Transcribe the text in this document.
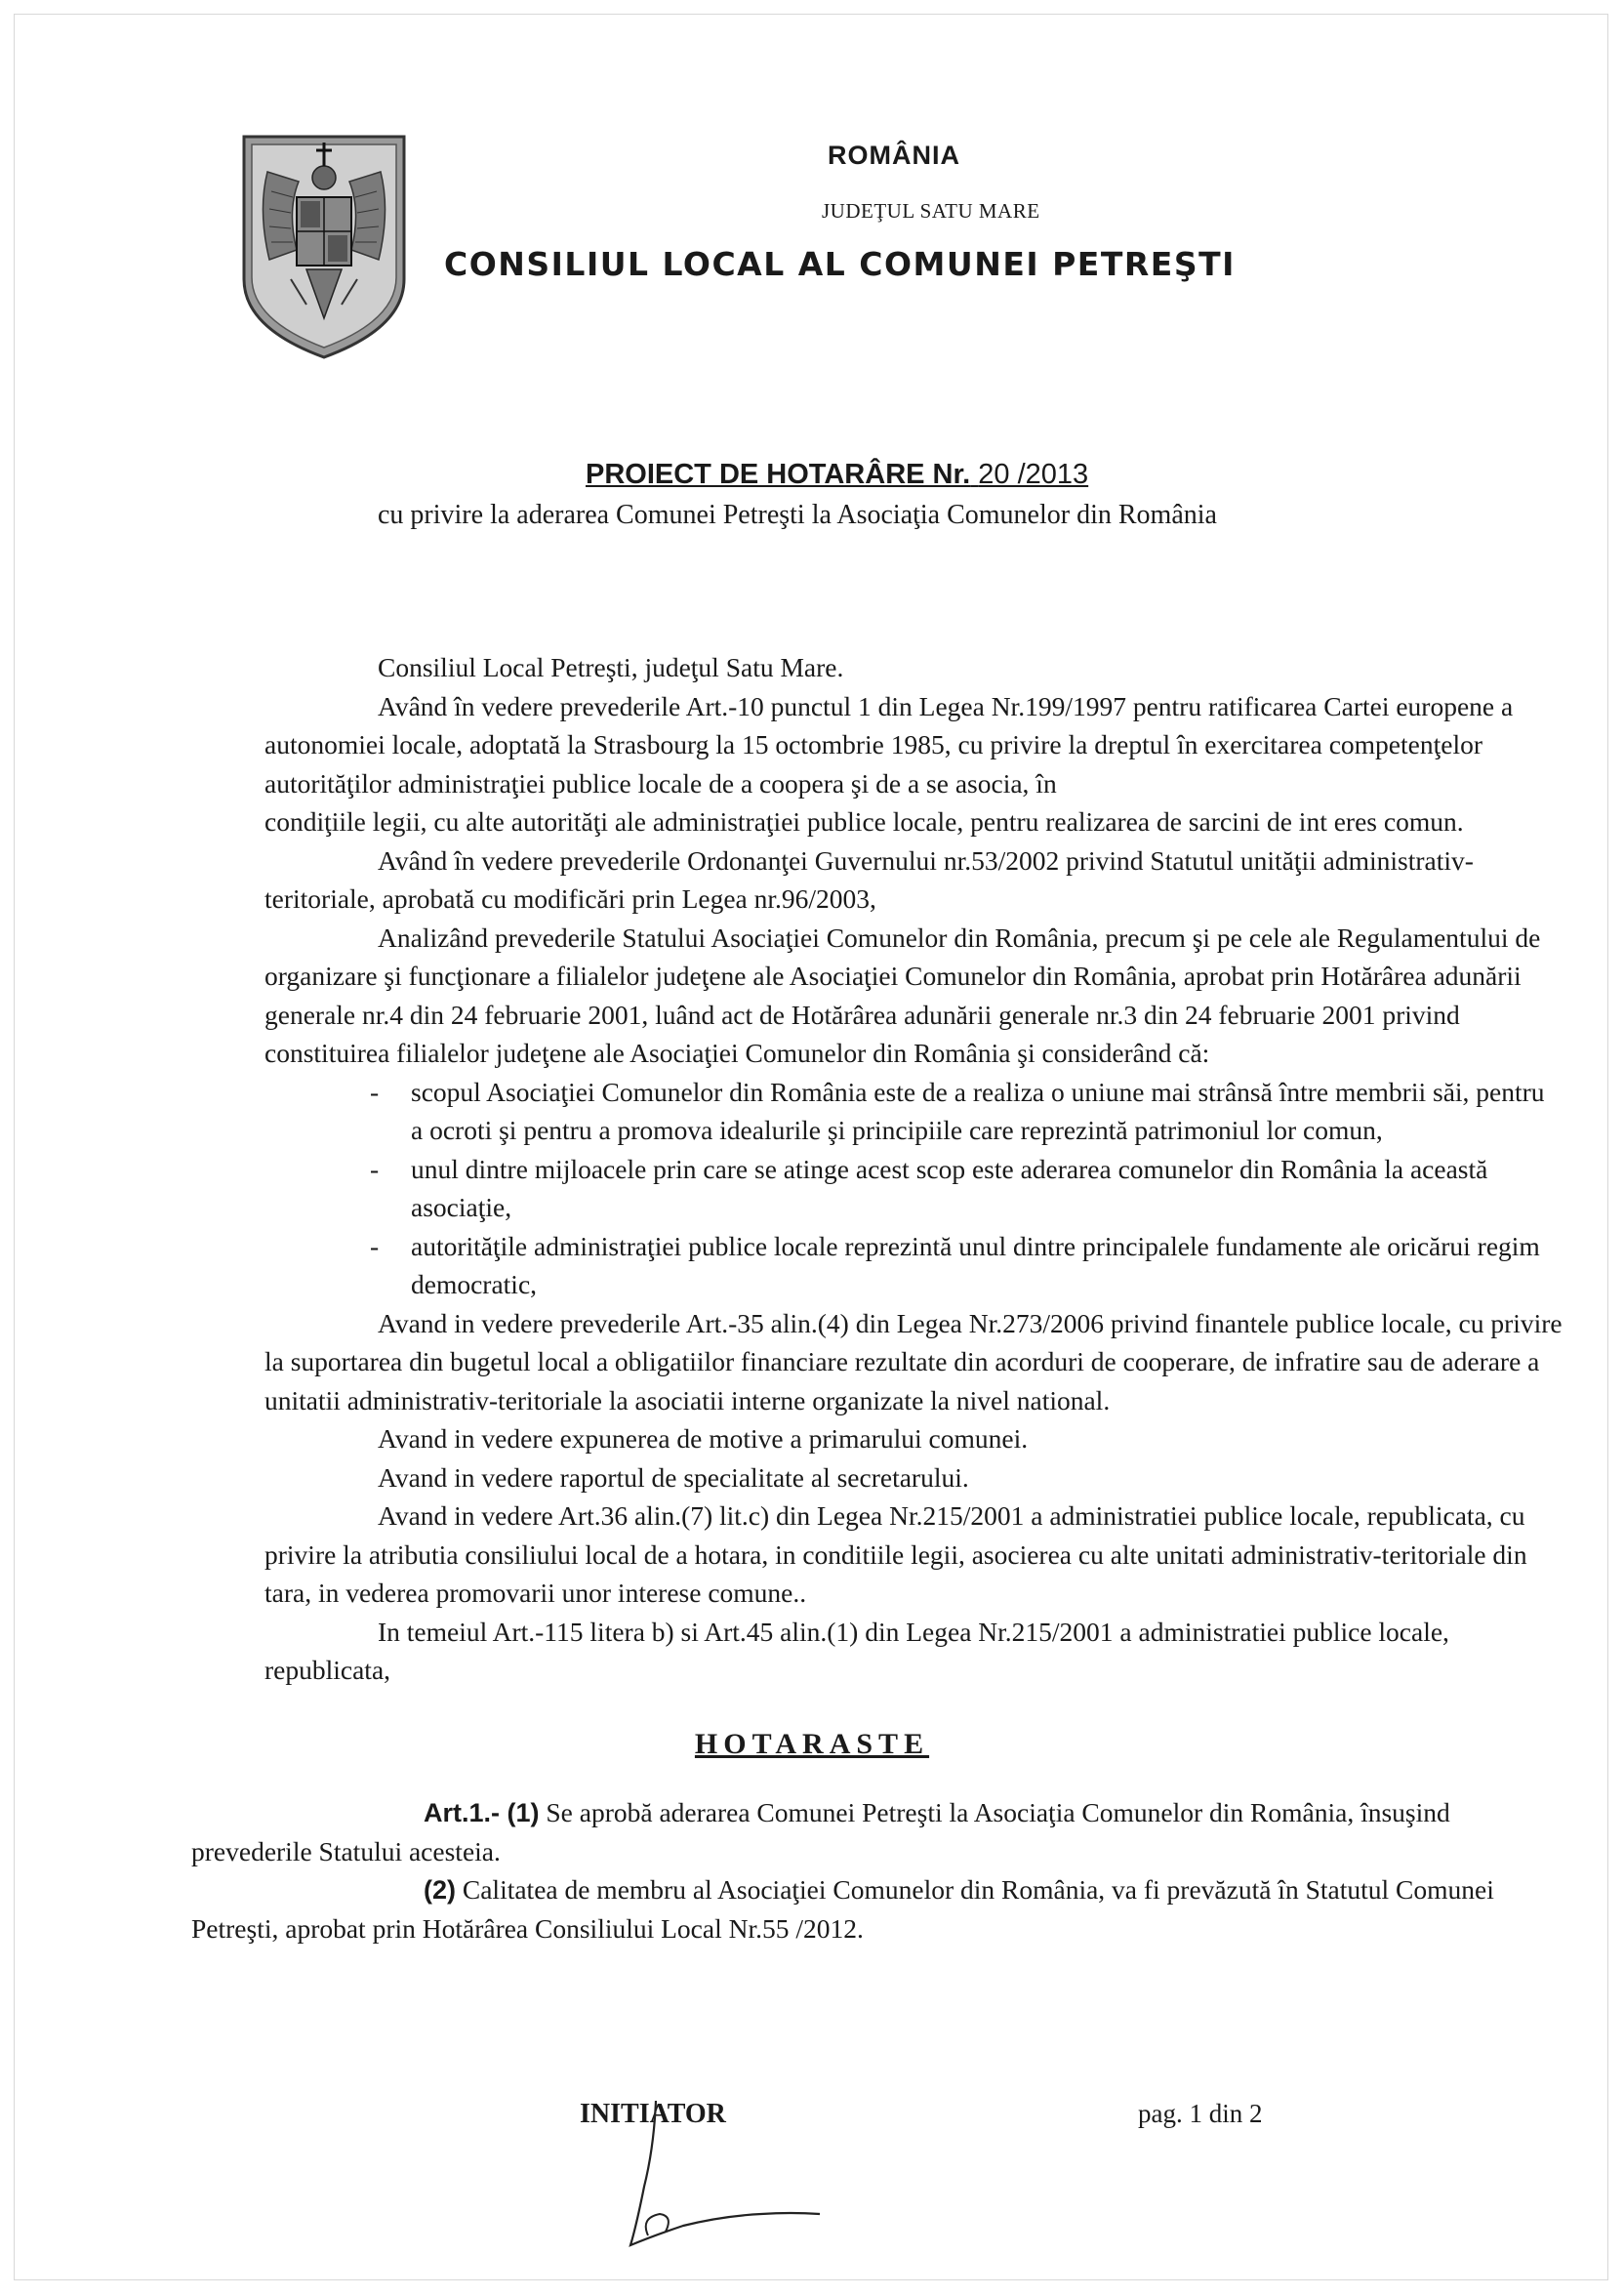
ROMÂNIA
JUDEŢUL SATU MARE
CONSILIUL LOCAL AL COMUNEI PETREŞTI
PROIECT DE HOTARÂRE Nr. 20 /2013
cu privire la aderarea Comunei Petreşti la Asociaţia Comunelor din România

Consiliul Local Petreşti, judeţul Satu Mare.

Având în vedere prevederile Art.-10 punctul 1 din Legea Nr.199/1997 pentru ratificarea Cartei europene a autonomiei locale, adoptată la Strasbourg la 15 octombrie 1985, cu privire la dreptul în exercitarea competenţelor autorităţilor administraţiei publice locale de a coopera şi de a se asocia, în

condiţiile legii, cu alte autorităţi ale administraţiei publice locale, pentru realizarea de sarcini de int eres comun.

Având în vedere prevederile Ordonanţei Guvernului nr.53/2002 privind Statutul unităţii administrativ-teritoriale, aprobată cu modificări prin Legea nr.96/2003,

Analizând prevederile Statului Asociaţiei Comunelor din România, precum şi pe cele ale Regulamentului de organizare şi funcţionare a filialelor judeţene ale Asociaţiei Comunelor din România, aprobat prin Hotărârea adunării generale nr.4 din 24 februarie 2001, luând act de Hotărârea adunării generale nr.3 din 24 februarie 2001 privind constituirea filialelor judeţene ale Asociaţiei Comunelor din România şi considerând că:

-	scopul Asociaţiei Comunelor din România este de a realiza o uniune mai strânsă între membrii săi, pentru a ocroti şi pentru a promova idealurile şi principiile care reprezintă patrimoniul lor comun,
-	unul dintre mijloacele prin care se atinge acest scop este aderarea comunelor din România la această asociaţie,
-	autorităţile administraţiei publice locale reprezintă unul dintre principalele fundamente ale oricărui regim democratic,

Avand in vedere prevederile Art.-35 alin.(4) din Legea Nr.273/2006 privind finantele publice locale, cu privire la suportarea din bugetul local a obligatiilor financiare rezultate din acorduri de cooperare, de infratire sau de aderare a unitatii administrativ-teritoriale la asociatii interne organizate la nivel national.

Avand in vedere expunerea de motive a primarului comunei.

Avand in vedere raportul de specialitate al secretarului.

Avand in vedere Art.36 alin.(7) lit.c) din Legea Nr.215/2001 a administratiei publice locale, republicata, cu privire la atributia consiliului local de a hotara, in conditiile legii, asocierea cu alte unitati administrativ-teritoriale din tara, in vederea promovarii unor interese comune..

In temeiul Art.-115 litera b) si Art.45 alin.(1) din Legea Nr.215/2001 a administratiei publice locale, republicata,

HOTARASTE

Art.1.- (1) Se aprobă aderarea Comunei Petreşti la Asociaţia Comunelor din România, însuşind prevederile Statului acesteia.

(2) Calitatea de membru al Asociaţiei Comunelor din România, va fi prevăzută în Statutul Comunei Petreşti, aprobat prin Hotărârea Consiliului Local Nr.55 /2012.

INITIATOR	pag. 1 din 2
